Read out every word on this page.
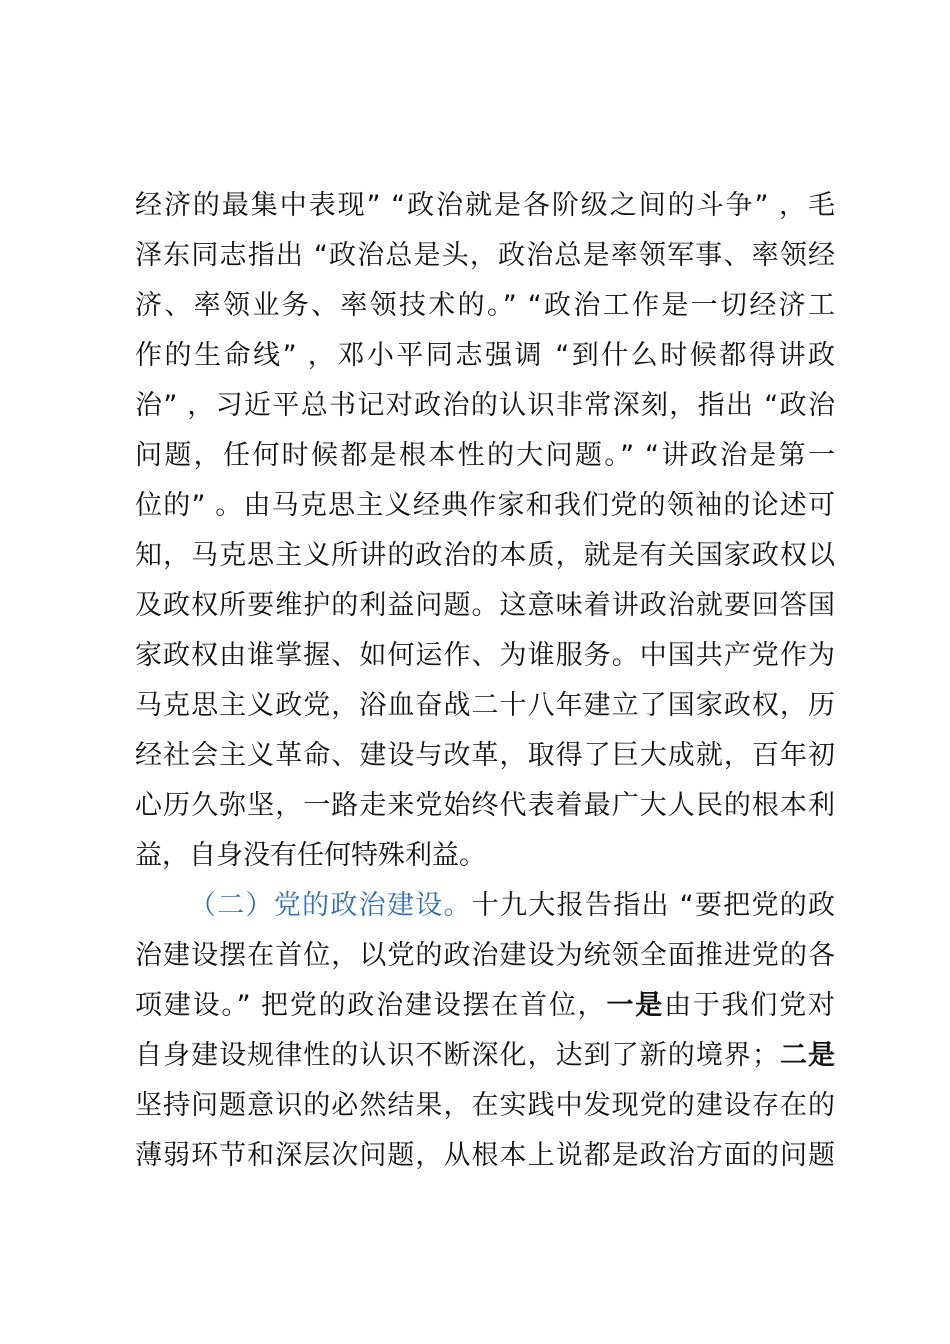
经济的最集中表现” “政治就是各阶级之间的斗争” ，毛
泽东同志指出 “政治总是头，政治总是率领军事、率领经
济、率领业务、率领技术的。” “政治工作是一切经济工
作的生命线” ，邓小平同志强调 “到什么时候都得讲政
治” ，习近平总书记对政治的认识非常深刻，指出 “政治
问题，任何时候都是根本性的大问题。” “讲政治是第一
位的” 。由马克思主义经典作家和我们党的领袖的论述可
知，马克思主义所讲的政治的本质，就是有关国家政权以
及政权所要维护的利益问题。这意味着讲政治就要回答国
家政权由谁掌握、如何运作、为谁服务。中国共产党作为
马克思主义政党，浴血奋战二十八年建立了国家政权，历
经社会主义革命、建设与改革，取得了巨大成就，百年初
心历久弥坚，一路走来党始终代表着最广大人民的根本利
益，自身没有任何特殊利益。
（二）党的政治建设。十九大报告指出 “要把党的政
治建设摆在首位，以党的政治建设为统领全面推进党的各
项建设。” 把党的政治建设摆在首位，一是由于我们党对
自身建设规律性的认识不断深化，达到了新的境界；二是
坚持问题意识的必然结果，在实践中发现党的建设存在的
薄弱环节和深层次问题，从根本上说都是政治方面的问题
